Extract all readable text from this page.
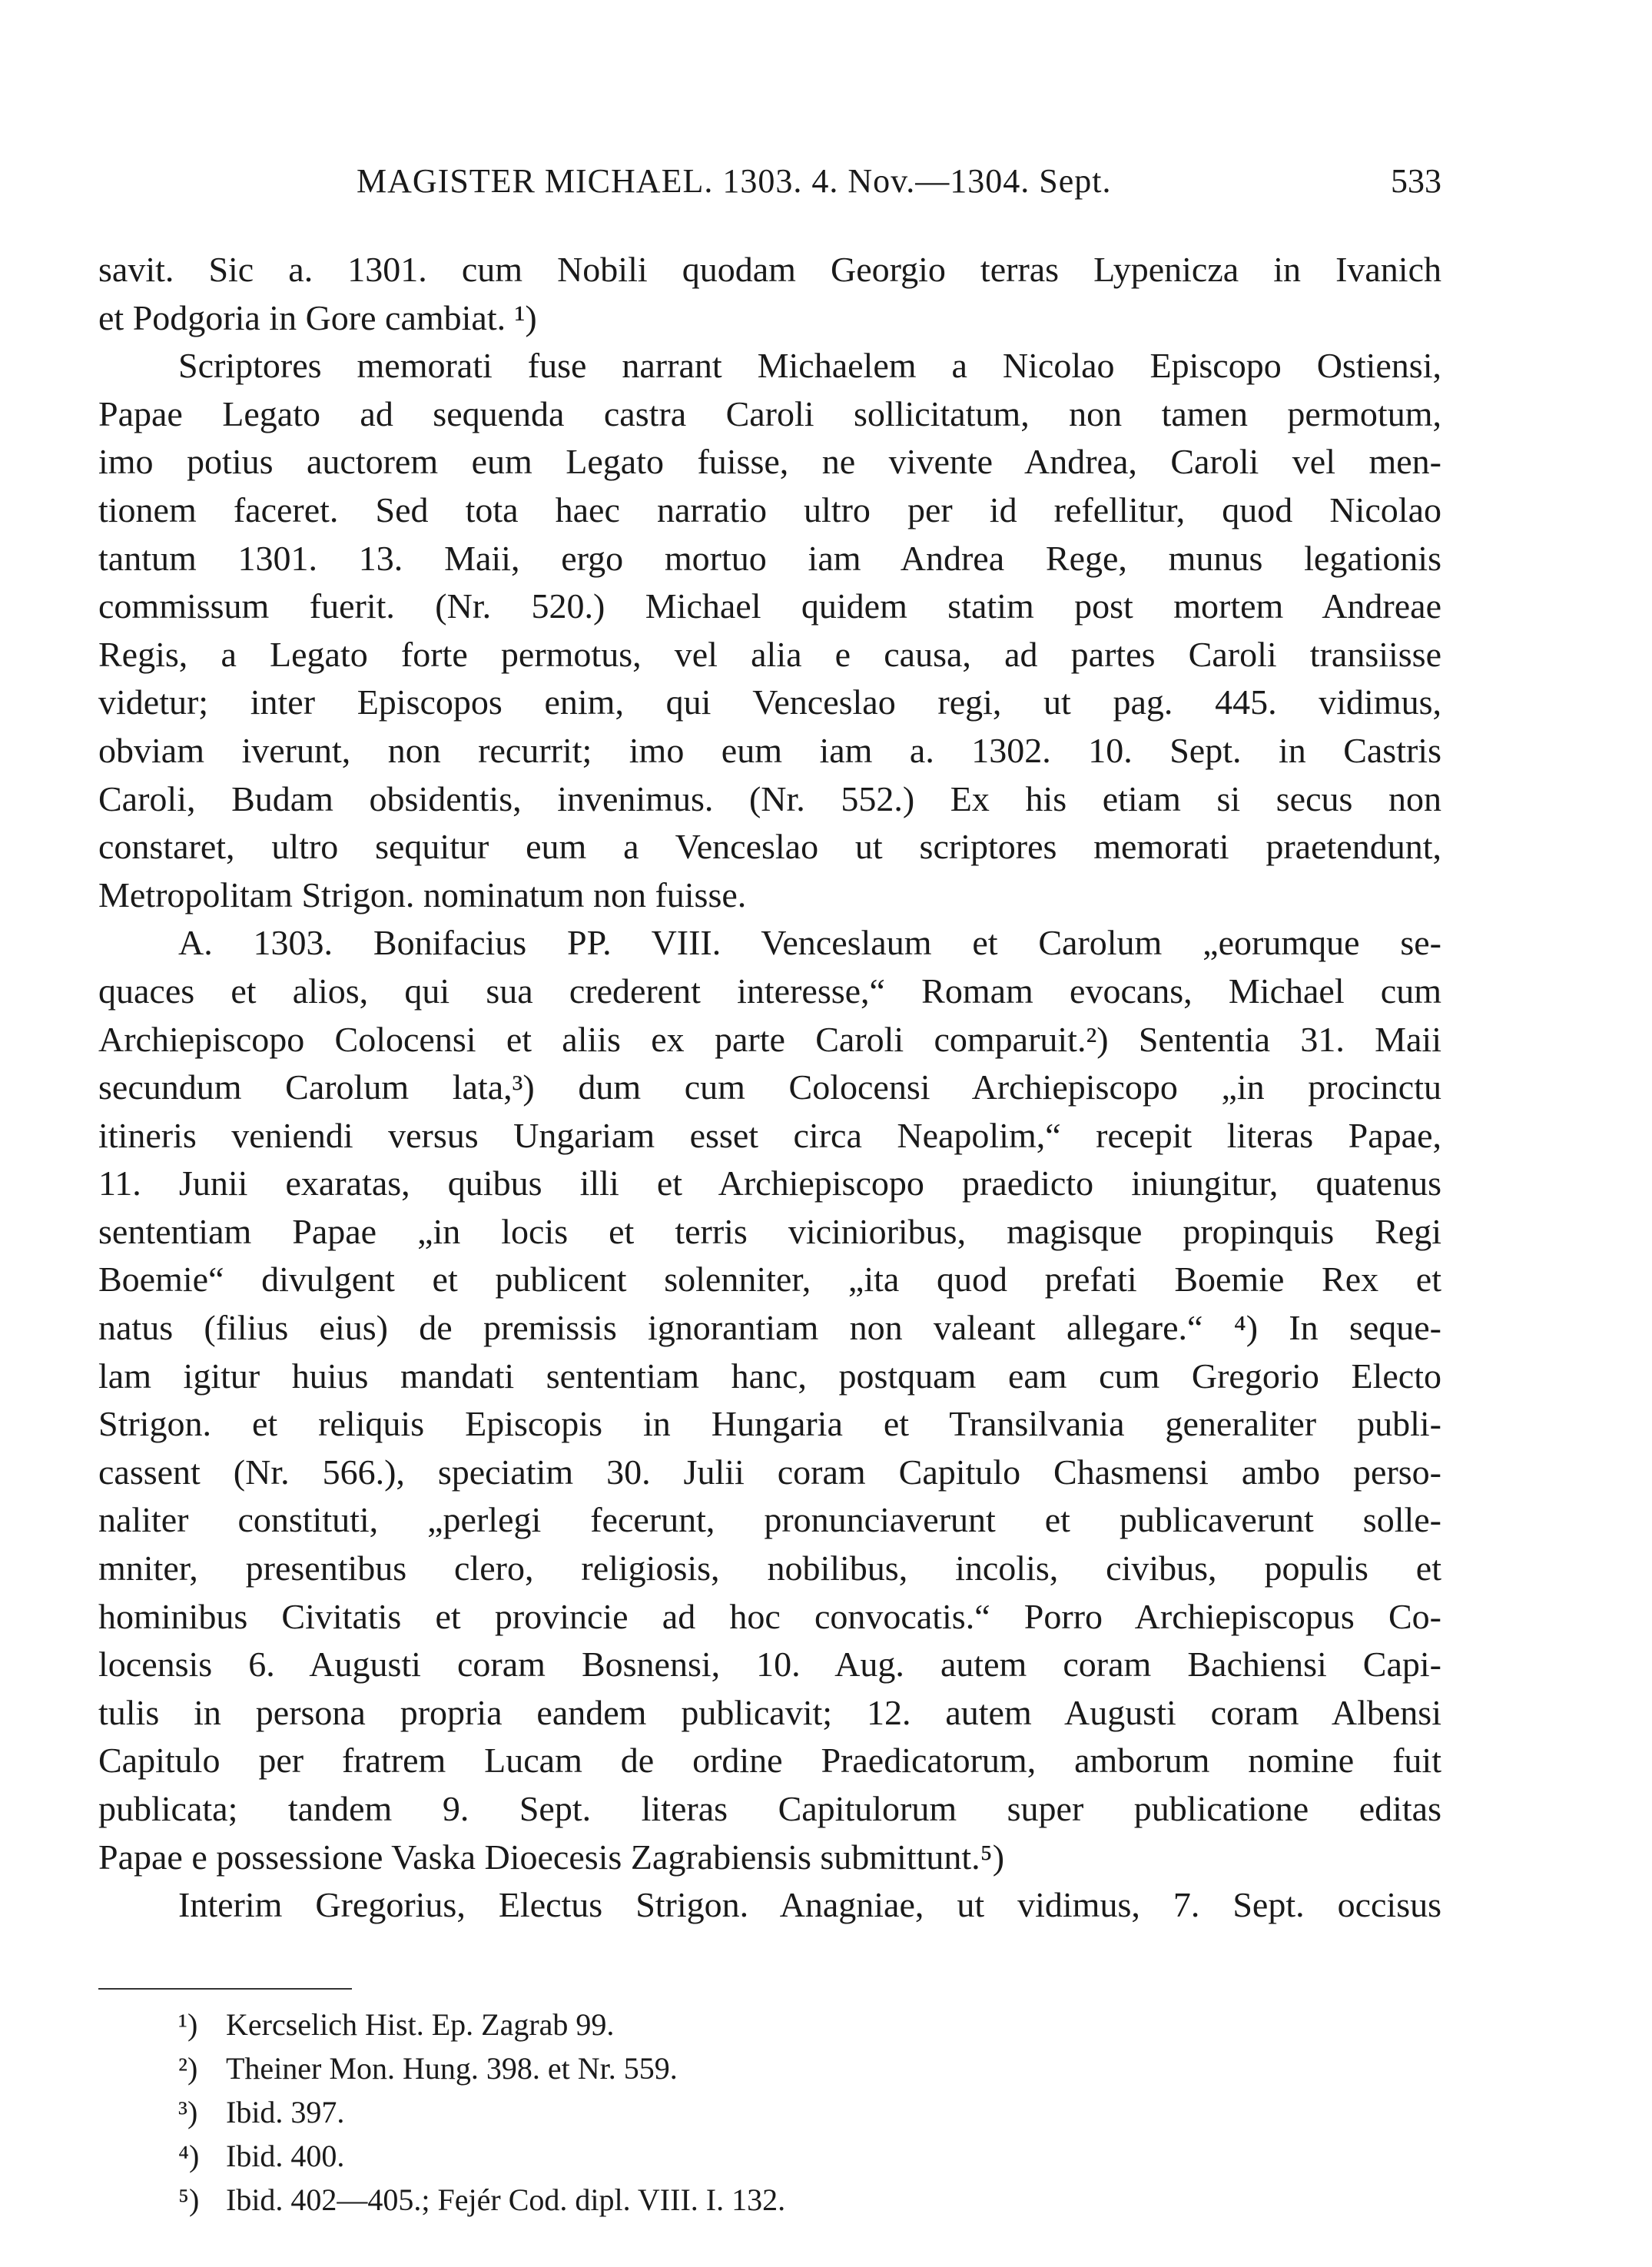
MAGISTER MICHAEL. 1303. 4. Nov.—1304. Sept.	533
savit. Sic a. 1301. cum Nobili quodam Georgio terras Lypenicza in Ivanich
et Podgoria in Gore cambiat. ¹)
Scriptores memorati fuse narrant Michaelem a Nicolao Episcopo Ostiensi,
Papae Legato ad sequenda castra Caroli sollicitatum, non tamen permotum,
imo potius auctorem eum Legato fuisse, ne vivente Andrea, Caroli vel men-
tionem faceret. Sed tota haec narratio ultro per id refellitur, quod Nicolao
tantum 1301. 13. Maii, ergo mortuo iam Andrea Rege, munus legationis
commissum fuerit. (Nr. 520.) Michael quidem statim post mortem Andreae
Regis, a Legato forte permotus, vel alia e causa, ad partes Caroli transiisse
videtur; inter Episcopos enim, qui Venceslao regi, ut pag. 445. vidimus,
obviam iverunt, non recurrit; imo eum iam a. 1302. 10. Sept. in Castris
Caroli, Budam obsidentis, invenimus. (Nr. 552.) Ex his etiam si secus non
constaret, ultro sequitur eum a Venceslao ut scriptores memorati praetendunt,
Metropolitam Strigon. nominatum non fuisse.
A. 1303. Bonifacius PP. VIII. Venceslaum et Carolum „eorumque se-
quaces et alios, qui sua crederent interesse,“ Romam evocans, Michael cum
Archiepiscopo Colocensi et aliis ex parte Caroli comparuit.²) Sententia 31. Maii
secundum Carolum lata,³) dum cum Colocensi Archiepiscopo „in procinctu
itineris veniendi versus Ungariam esset circa Neapolim,“ recepit literas Papae,
11. Junii exaratas, quibus illi et Archiepiscopo praedicto iniungitur, quatenus
sententiam Papae „in locis et terris vicinioribus, magisque propinquis Regi
Boemie“ divulgent et publicent solenniter, „ita quod prefati Boemie Rex et
natus (filius eius) de premissis ignorantiam non valeant allegare.“ ⁴) In seque-
lam igitur huius mandati sententiam hanc, postquam eam cum Gregorio Electo
Strigon. et reliquis Episcopis in Hungaria et Transilvania generaliter publi-
cassent (Nr. 566.), speciatim 30. Julii coram Capitulo Chasmensi ambo perso-
naliter constituti, „perlegi fecerunt, pronunciaverunt et publicaverunt solle-
mniter, presentibus clero, religiosis, nobilibus, incolis, civibus, populis et
hominibus Civitatis et provincie ad hoc convocatis.“ Porro Archiepiscopus Co-
locensis 6. Augusti coram Bosnensi, 10. Aug. autem coram Bachiensi Capi-
tulis in persona propria eandem publicavit; 12. autem Augusti coram Albensi
Capitulo per fratrem Lucam de ordine Praedicatorum, amborum nomine fuit
publicata; tandem 9. Sept. literas Capitulorum super publicatione editas
Papae e possessione Vaska Dioecesis Zagrabiensis submittunt.⁵)
Interim Gregorius, Electus Strigon. Anagniae, ut vidimus, 7. Sept. occisus
¹) Kercselich Hist. Ep. Zagrab 99.
²) Theiner Mon. Hung. 398. et Nr. 559.
³) Ibid. 397.
⁴) Ibid. 400.
⁵) Ibid. 402—405.; Fejér Cod. dipl. VIII. I. 132.
